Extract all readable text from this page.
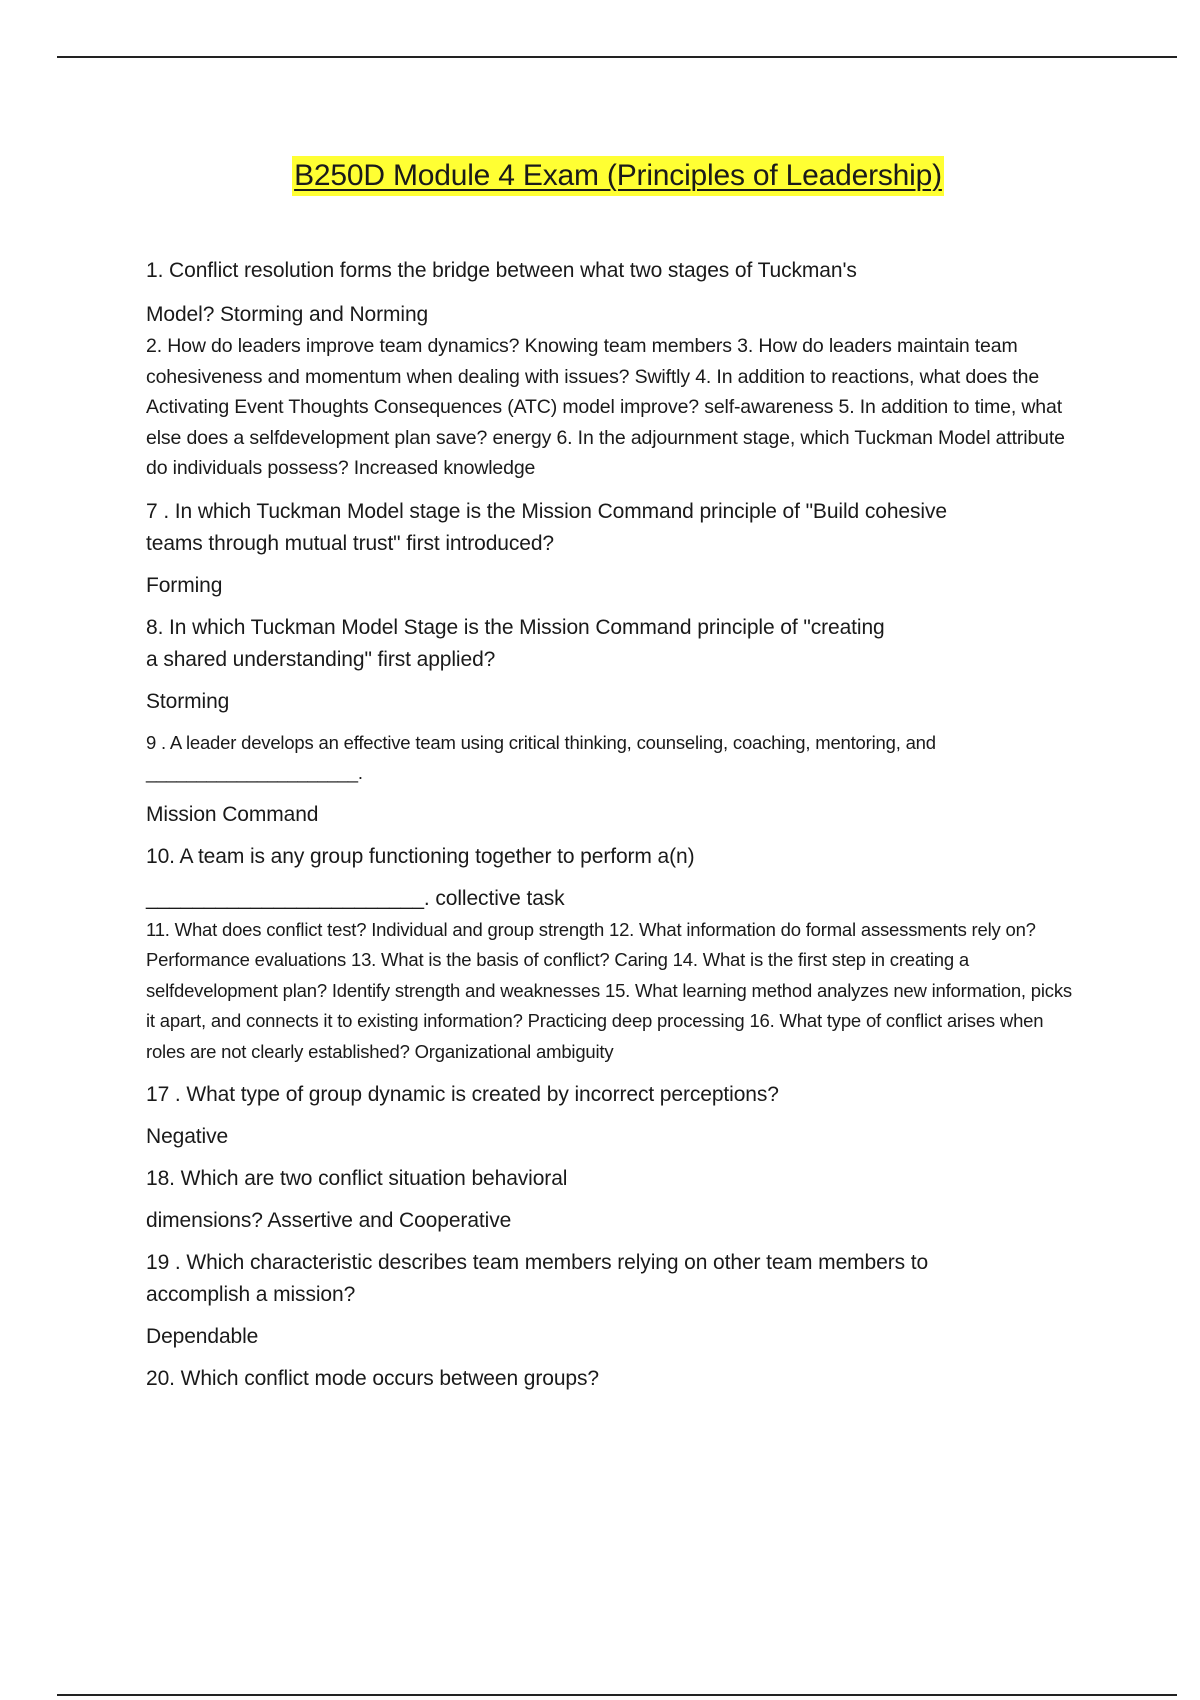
B250D Module 4 Exam (Principles of Leadership)

1. Conflict resolution forms the bridge between what two stages of Tuckman's

Model? Storming and Norming

2. How do leaders improve team dynamics? Knowing team members 3. How do leaders maintain team cohesiveness and momentum when dealing with issues? Swiftly 4. In addition to reactions, what does the Activating Event Thoughts Consequences (ATC) model improve? self-awareness 5. In addition to time, what else does a selfdevelopment plan save? energy 6. In the adjournment stage, which Tuckman Model attribute do individuals possess? Increased knowledge

7 . In which Tuckman Model stage is the Mission Command principle of "Build cohesive

teams through mutual trust" first introduced?

Forming

8. In which Tuckman Model Stage is the Mission Command principle of "creating

a shared understanding" first applied?

Storming

9 . A leader develops an effective team using critical thinking, counseling, coaching, mentoring, and

_____________________.

Mission Command

10. A team is any group functioning together to perform a(n)

________________________. collective task

11. What does conflict test? Individual and group strength 12. What information do formal assessments rely on? Performance evaluations 13. What is the basis of conflict? Caring 14. What is the first step in creating a selfdevelopment plan? Identify strength and weaknesses 15. What learning method analyzes new information, picks it apart, and connects it to existing information? Practicing deep processing 16. What type of conflict arises when roles are not clearly established? Organizational ambiguity

17 . What type of group dynamic is created by incorrect perceptions?

Negative

18. Which are two conflict situation behavioral

dimensions? Assertive and Cooperative

19 . Which characteristic describes team members relying on other team members to

accomplish a mission?

Dependable

20. Which conflict mode occurs between groups?
